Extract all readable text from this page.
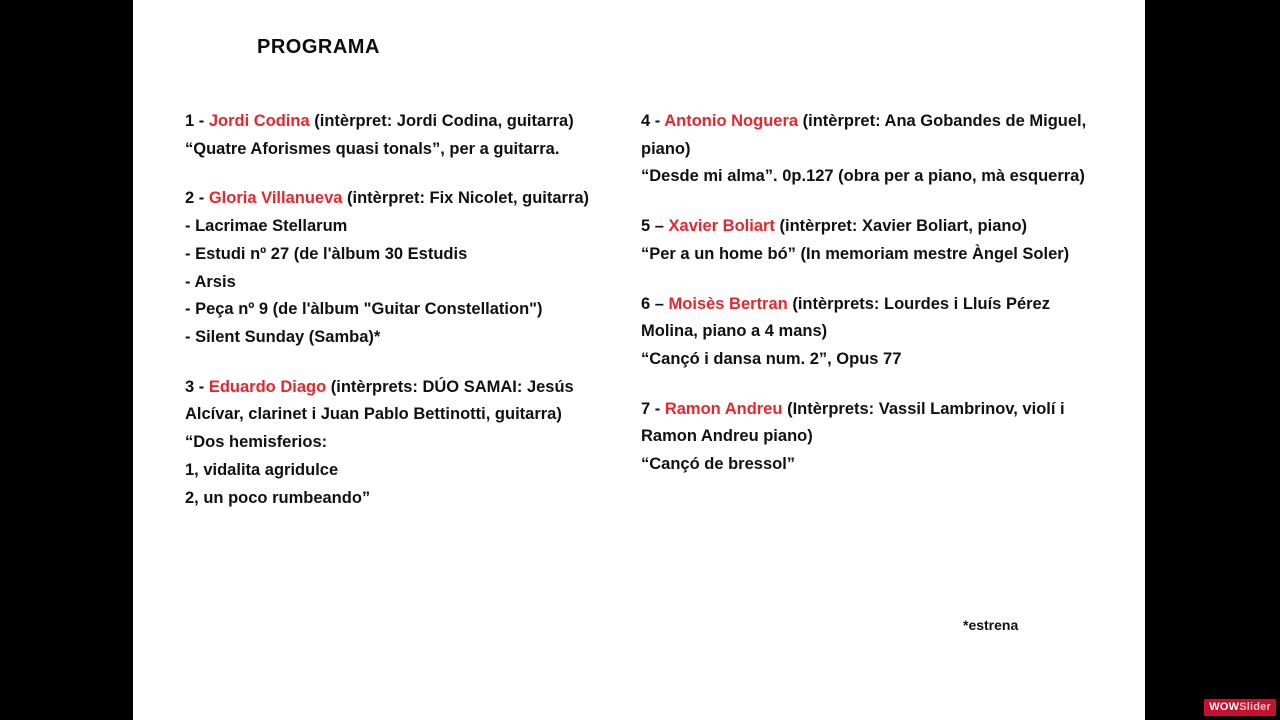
PROGRAMA
1 - Jordi Codina (intèrpret: Jordi Codina, guitarra)
“Quatre Aforismes quasi tonals”, per a guitarra.
2 - Gloria Villanueva (intèrpret: Fix Nicolet, guitarra)
- Lacrimae Stellarum
- Estudi nº 27 (de l'àlbum 30 Estudis
- Arsis
- Peça nº 9 (de l'àlbum "Guitar Constellation")
- Silent Sunday (Samba)*
3 - Eduardo Diago (intèrprets: DÚO SAMAI: Jesús Alcívar, clarinet i Juan Pablo Bettinotti, guitarra)
“Dos hemisferios:
1, vidalita agridulce
2, un poco rumbeando”
4 - Antonio Noguera (intèrpret: Ana Gobandes de Miguel, piano)
“Desde mi alma”. 0p.127 (obra per a piano, mà esquerra)
5 – Xavier Boliart (intèrpret: Xavier Boliart, piano)
“Per a un home bó” (In memoriam mestre Àngel Soler)
6 – Moisès Bertran (intèrprets: Lourdes i Lluís Pérez Molina, piano a 4 mans)
“Cançó i dansa num. 2”, Opus 77
7 - Ramon Andreu (Intèrprets: Vassil Lambrinov, violí i Ramon Andreu piano)
“Cançó de bressol”
*estrena
WOWSlider
